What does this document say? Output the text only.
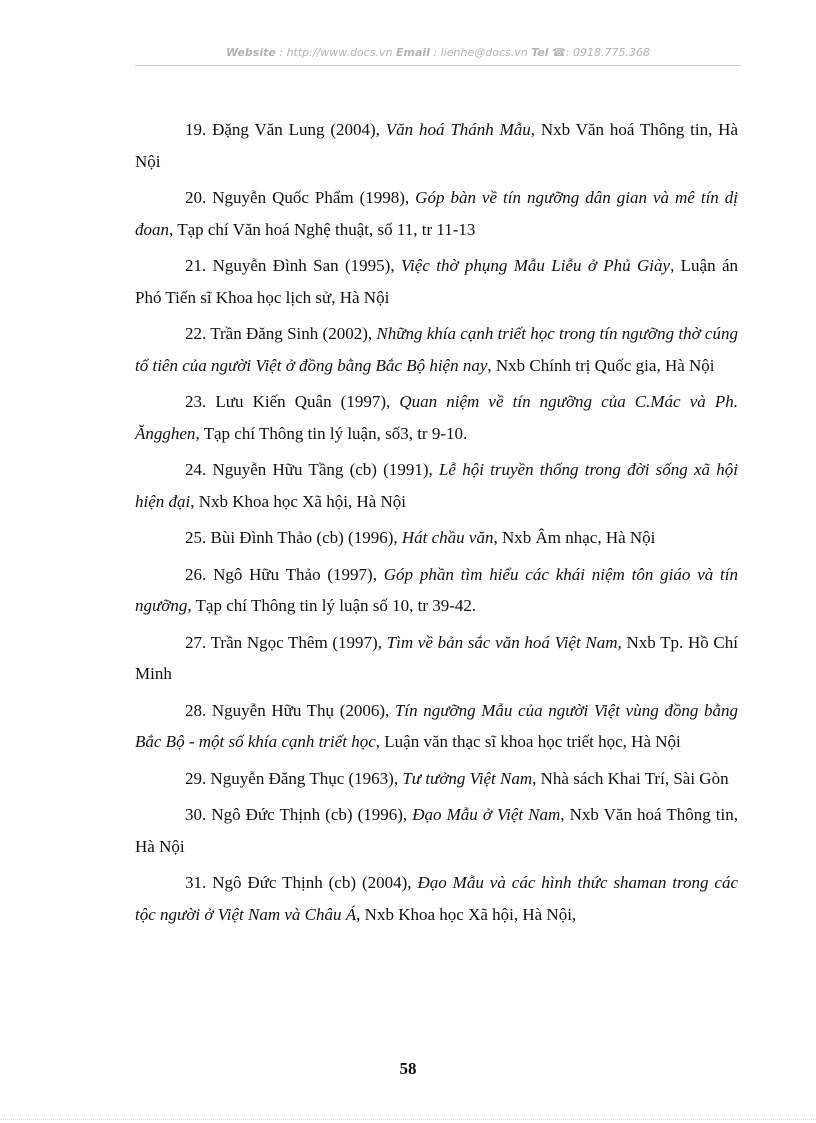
Website : http://www.docs.vn Email : lienhe@docs.vn Tel ☎: 0918.775.368

19. Đặng Văn Lung (2004), Văn hoá Thánh Mẫu, Nxb Văn hoá Thông tin, Hà Nội

20. Nguyễn Quốc Phẩm (1998), Góp bàn về tín ngưỡng dân gian và mê tín dị đoan, Tạp chí Văn hoá Nghệ thuật, số 11, tr 11-13

21. Nguyễn Đình San (1995), Việc thờ phụng Mẫu Liễu ở Phủ Giày, Luận án Phó Tiến sĩ Khoa học lịch sử, Hà Nội

22. Trần Đăng Sinh (2002), Những khía cạnh triết học trong tín ngưỡng thờ cúng tổ tiên của người Việt ở đồng bằng Bắc Bộ hiện nay, Nxb Chính trị Quốc gia, Hà Nội

23. Lưu Kiến Quân (1997), Quan niệm về tín ngưỡng của C.Mác và Ph. Ăngghen, Tạp chí Thông tin lý luận, số3, tr 9-10.

24. Nguyễn Hữu Tầng (cb) (1991), Lễ hội truyền thống trong đời sống xã hội hiện đại, Nxb Khoa học Xã hội, Hà Nội

25. Bùi Đình Thảo (cb) (1996), Hát chầu văn, Nxb Âm nhạc, Hà Nội

26. Ngô Hữu Thảo (1997), Góp phần tìm hiểu các khái niệm tôn giáo và tín ngưỡng, Tạp chí Thông tin lý luận số 10, tr 39-42.

27. Trần Ngọc Thêm (1997), Tìm về bản sắc văn hoá Việt Nam, Nxb Tp. Hồ Chí Minh

28. Nguyễn Hữu Thụ (2006), Tín ngưỡng Mẫu của người Việt vùng đồng bằng Bắc Bộ - một số khía cạnh triết học, Luận văn thạc sĩ khoa học triết học, Hà Nội

29. Nguyễn Đăng Thục (1963), Tư tưởng Việt Nam, Nhà sách Khai Trí, Sài Gòn

30. Ngô Đức Thịnh (cb) (1996), Đạo Mẫu ở Việt Nam, Nxb Văn hoá Thông tin, Hà Nội

31. Ngô Đức Thịnh (cb) (2004), Đạo Mẫu và các hình thức shaman trong các tộc người ở Việt Nam và Châu Á, Nxb Khoa học Xã hội, Hà Nội,

58
